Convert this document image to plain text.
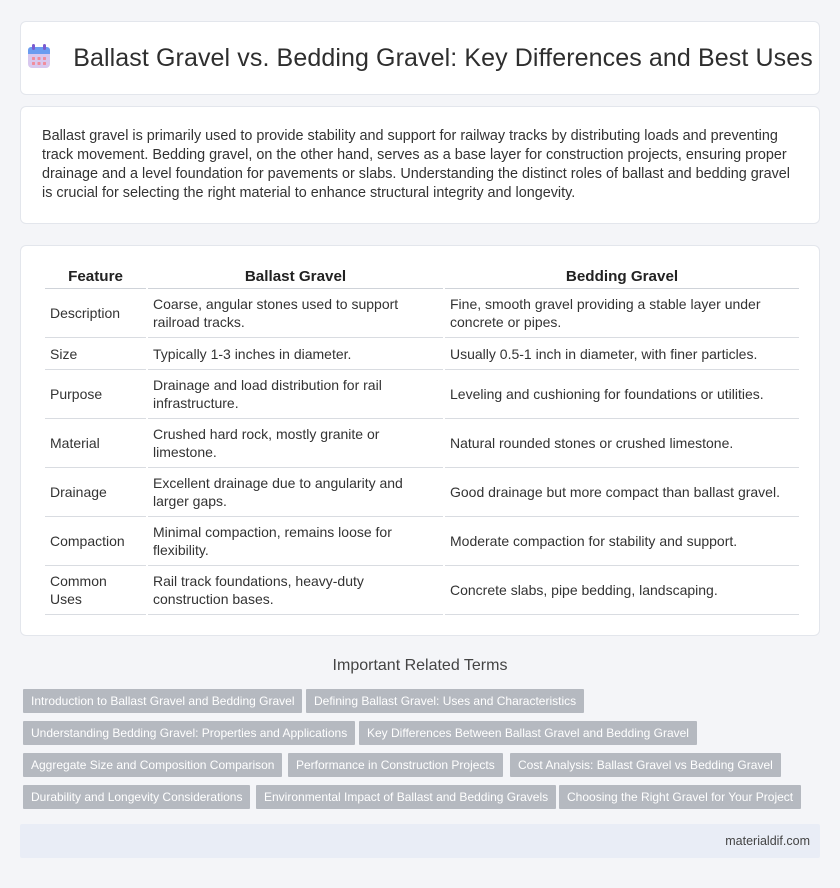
Ballast Gravel vs. Bedding Gravel: Key Differences and Best Uses

Ballast gravel is primarily used to provide stability and support for railway tracks by distributing loads and preventing track movement. Bedding gravel, on the other hand, serves as a base layer for construction projects, ensuring proper drainage and a level foundation for pavements or slabs. Understanding the distinct roles of ballast and bedding gravel is crucial for selecting the right material to enhance structural integrity and longevity.

Feature	Ballast Gravel	Bedding Gravel
Description	Coarse, angular stones used to support railroad tracks.	Fine, smooth gravel providing a stable layer under concrete or pipes.
Size	Typically 1-3 inches in diameter.	Usually 0.5-1 inch in diameter, with finer particles.
Purpose	Drainage and load distribution for rail infrastructure.	Leveling and cushioning for foundations or utilities.
Material	Crushed hard rock, mostly granite or limestone.	Natural rounded stones or crushed limestone.
Drainage	Excellent drainage due to angularity and larger gaps.	Good drainage but more compact than ballast gravel.
Compaction	Minimal compaction, remains loose for flexibility.	Moderate compaction for stability and support.
Common Uses	Rail track foundations, heavy-duty construction bases.	Concrete slabs, pipe bedding, landscaping.
Important Related Terms
Introduction to Ballast Gravel and Bedding Gravel	Defining Ballast Gravel: Uses and Characteristics
Understanding Bedding Gravel: Properties and Applications	Key Differences Between Ballast Gravel and Bedding Gravel
Aggregate Size and Composition Comparison	Performance in Construction Projects	Cost Analysis: Ballast Gravel vs Bedding Gravel
Durability and Longevity Considerations	Environmental Impact of Ballast and Bedding Gravels	Choosing the Right Gravel for Your Project
materialdif.com
